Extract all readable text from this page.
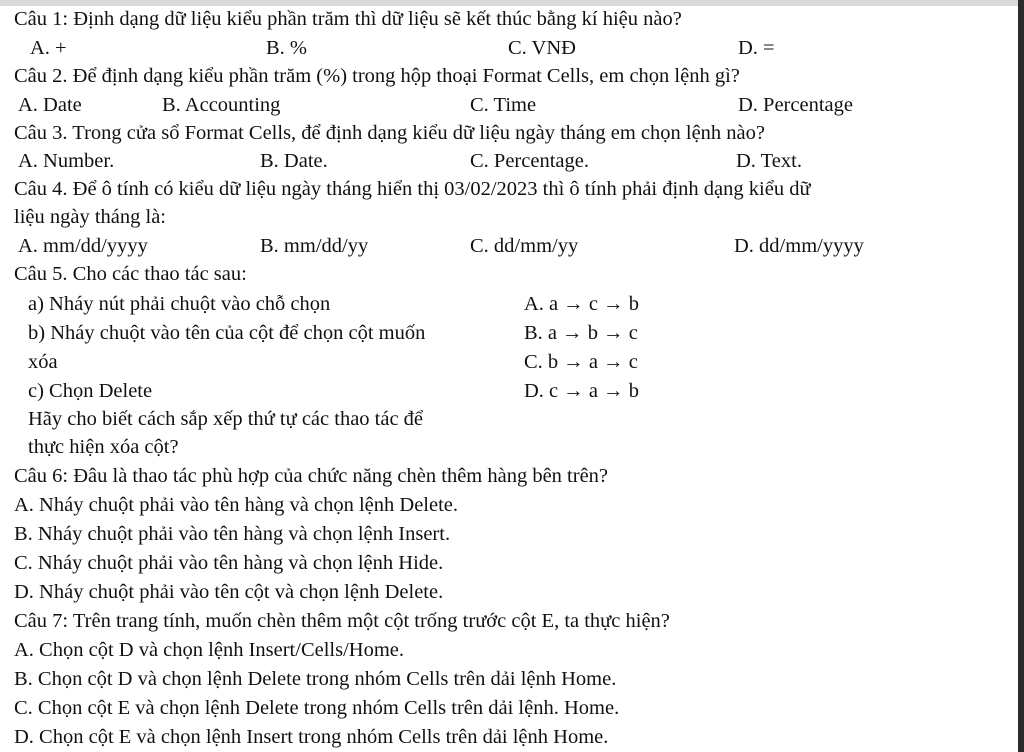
Câu 1: Định dạng dữ liệu kiểu phần trăm thì dữ liệu sẽ kết thúc bằng kí hiệu nào?
A. +	B. %	C. VNĐ	D. =
Câu 2. Để định dạng kiểu phần trăm (%) trong hộp thoại Format Cells, em chọn lệnh gì?
A. Date	B. Accounting	C. Time	D. Percentage
Câu 3. Trong cửa sổ Format Cells, để định dạng kiểu dữ liệu ngày tháng em chọn lệnh nào?
A. Number.	B. Date.	C. Percentage.	D. Text.
Câu 4. Để ô tính có kiểu dữ liệu ngày tháng hiển thị 03/02/2023 thì ô tính phải định dạng kiểu dữ
liệu ngày tháng là:
A. mm/dd/yyyy	B. mm/dd/yy	C. dd/mm/yy	D. dd/mm/yyyy
Câu 5. Cho các thao tác sau:
a) Nháy nút phải chuột vào chỗ chọn
b) Nháy chuột vào tên của cột để chọn cột muốn
xóa
c) Chọn Delete
Hãy cho biết cách sắp xếp thứ tự các thao tác để
thực hiện xóa cột?
A. a → c → b
B. a → b → c
C. b → a → c
D. c → a → b
Câu 6: Đâu là thao tác phù hợp của chức năng chèn thêm hàng bên trên?
A. Nháy chuột phải vào tên hàng và chọn lệnh Delete.
B. Nháy chuột phải vào tên hàng và chọn lệnh Insert.
C. Nháy chuột phải vào tên hàng và chọn lệnh Hide.
D. Nháy chuột phải vào tên cột và chọn lệnh Delete.
Câu 7: Trên trang tính, muốn chèn thêm một cột trống trước cột E, ta thực hiện?
A. Chọn cột D và chọn lệnh Insert/Cells/Home.
B. Chọn cột D và chọn lệnh Delete trong nhóm Cells trên dải lệnh Home.
C. Chọn cột E và chọn lệnh Delete trong nhóm Cells trên dải lệnh. Home.
D. Chọn cột E và chọn lệnh Insert trong nhóm Cells trên dải lệnh Home.
